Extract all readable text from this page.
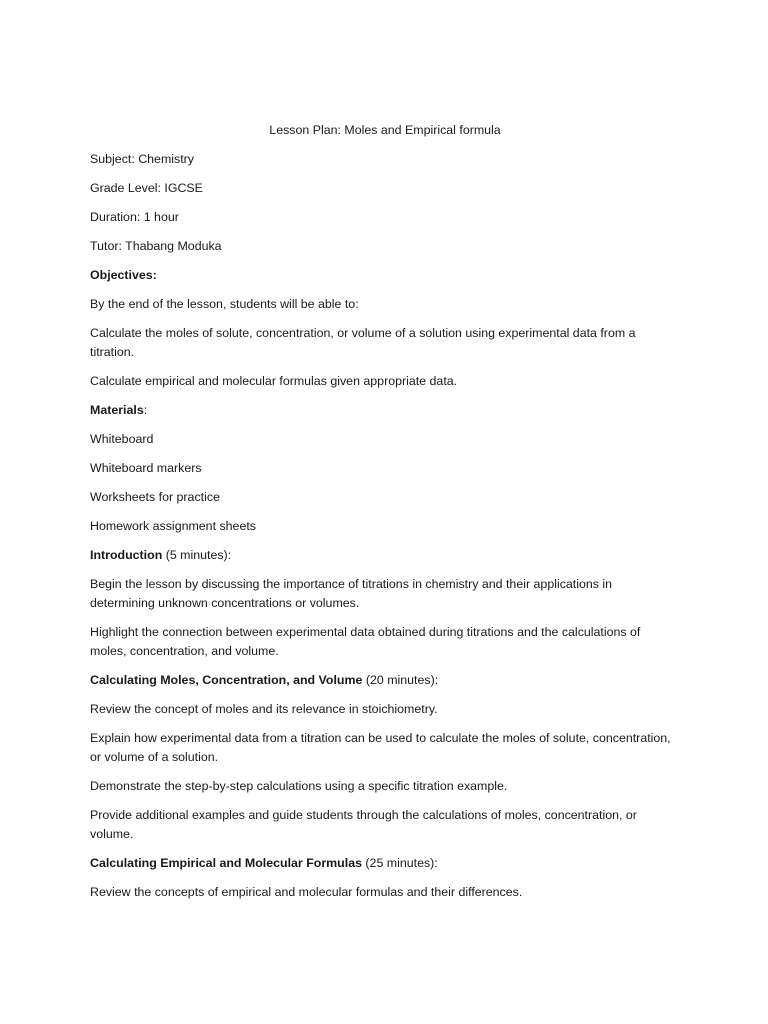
Lesson Plan: Moles and Empirical formula

Subject: Chemistry

Grade Level: IGCSE

Duration: 1 hour

Tutor: Thabang Moduka

Objectives:

By the end of the lesson, students will be able to:

Calculate the moles of solute, concentration, or volume of a solution using experimental data from a titration.

Calculate empirical and molecular formulas given appropriate data.

Materials:

Whiteboard

Whiteboard markers

Worksheets for practice

Homework assignment sheets

Introduction (5 minutes):

Begin the lesson by discussing the importance of titrations in chemistry and their applications in determining unknown concentrations or volumes.

Highlight the connection between experimental data obtained during titrations and the calculations of moles, concentration, and volume.

Calculating Moles, Concentration, and Volume (20 minutes):

Review the concept of moles and its relevance in stoichiometry.

Explain how experimental data from a titration can be used to calculate the moles of solute, concentration, or volume of a solution.

Demonstrate the step-by-step calculations using a specific titration example.

Provide additional examples and guide students through the calculations of moles, concentration, or volume.

Calculating Empirical and Molecular Formulas (25 minutes):

Review the concepts of empirical and molecular formulas and their differences.
